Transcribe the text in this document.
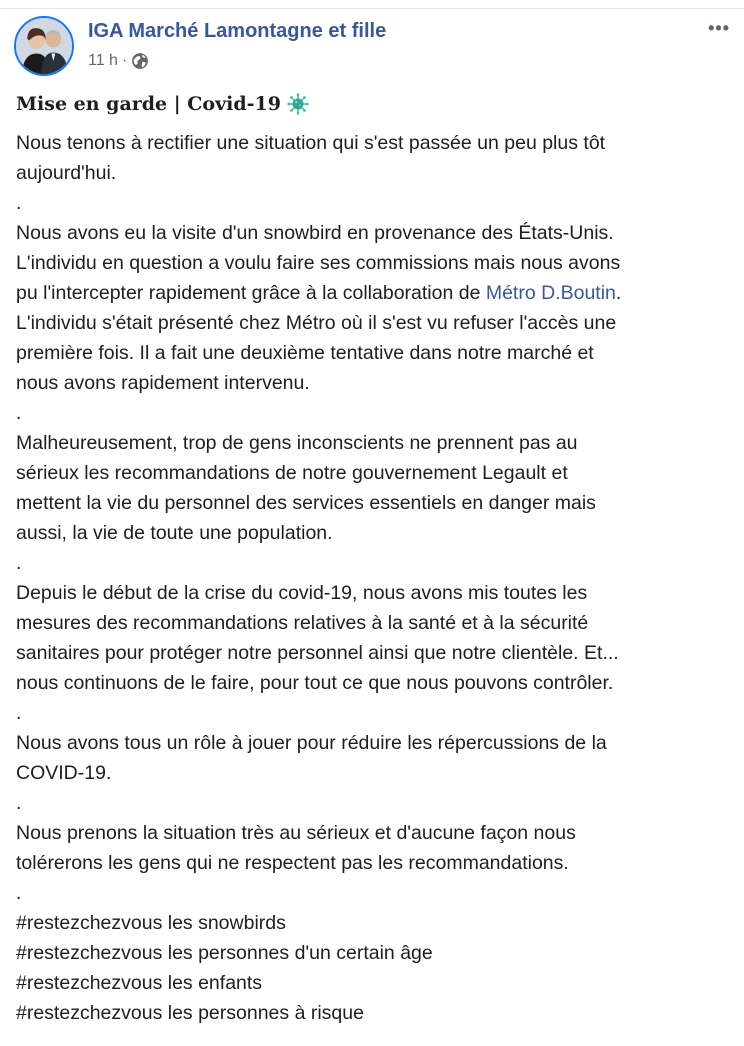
IGA Marché Lamontagne et fille
11 h ·
•••
Mise en garde | Covid-19
Nous tenons à rectifier une situation qui s'est passée un peu plus tôt
aujourd'hui.
.
Nous avons eu la visite d'un snowbird en provenance des États-Unis.
L'individu en question a voulu faire ses commissions mais nous avons
pu l'intercepter rapidement grâce à la collaboration de Métro D.Boutin.
L'individu s'était présenté chez Métro où il s'est vu refuser l'accès une
première fois. Il a fait une deuxième tentative dans notre marché et
nous avons rapidement intervenu.
.
Malheureusement, trop de gens inconscients ne prennent pas au
sérieux les recommandations de notre gouvernement Legault et
mettent la vie du personnel des services essentiels en danger mais
aussi, la vie de toute une population.
.
Depuis le début de la crise du covid-19, nous avons mis toutes les
mesures des recommandations relatives à la santé et à la sécurité
sanitaires pour protéger notre personnel ainsi que notre clientèle. Et...
nous continuons de le faire, pour tout ce que nous pouvons contrôler.
.
Nous avons tous un rôle à jouer pour réduire les répercussions de la
COVID-19.
.
Nous prenons la situation très au sérieux et d'aucune façon nous
tolérerons les gens qui ne respectent pas les recommandations.
.
#restezchezvous les snowbirds
#restezchezvous les personnes d'un certain âge
#restezchezvous les enfants
#restezchezvous les personnes à risque
